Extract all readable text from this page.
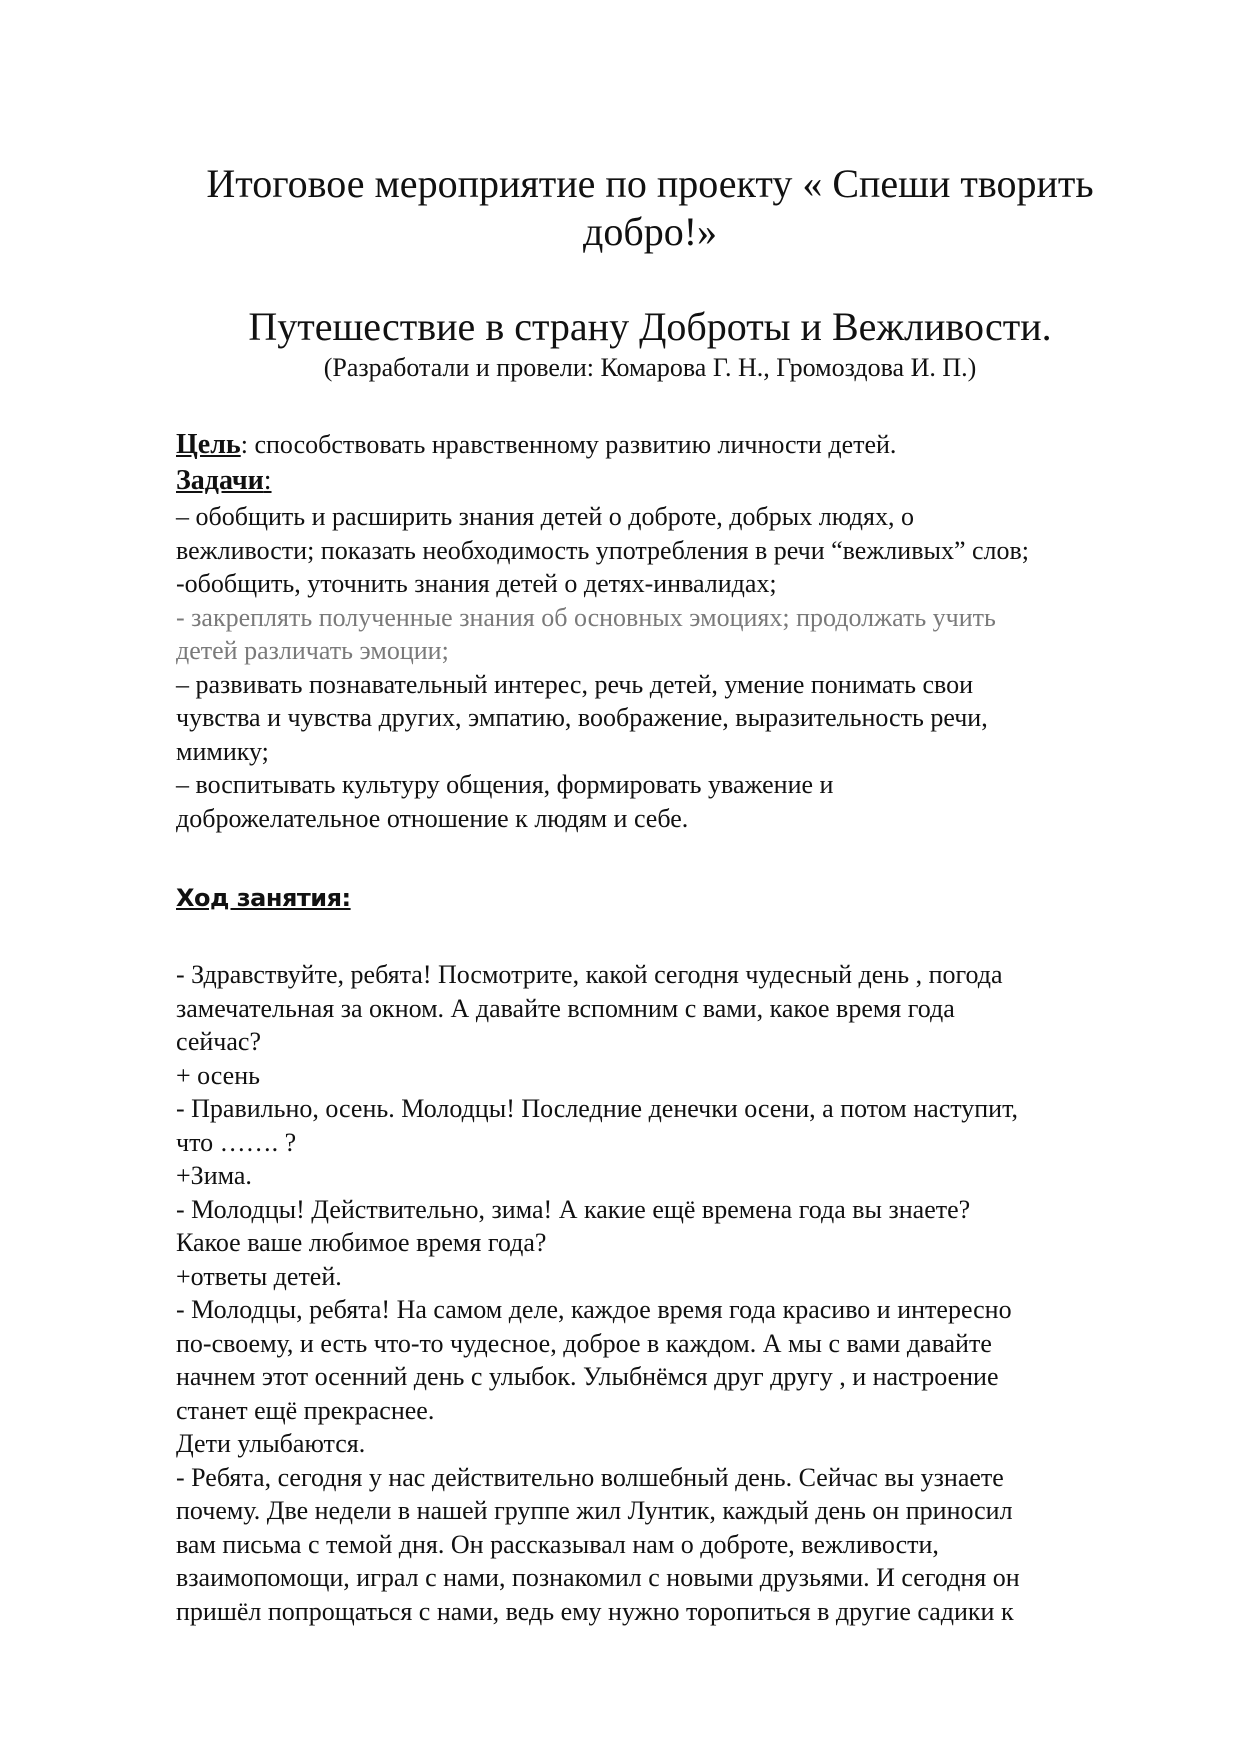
Итоговое мероприятие по проекту « Спеши творить
добро!»
Путешествие в страну Доброты и Вежливости.
(Разработали и провели: Комарова Г. Н., Громоздова И. П.)
Цель: способствовать нравственному развитию личности детей.
Задачи:
– обобщить и расширить знания детей о доброте, добрых людях, о
вежливости; показать необходимость употребления в речи “вежливых” слов;
-обобщить, уточнить знания детей о детях-инвалидах;
- закреплять полученные знания об основных эмоциях; продолжать учить
детей различать эмоции;
– развивать познавательный интерес, речь детей, умение понимать свои
чувства и чувства других, эмпатию, воображение, выразительность речи,
мимику;
– воспитывать культуру общения, формировать уважение и
доброжелательное отношение к людям и себе.
Ход занятия:
- Здравствуйте, ребята! Посмотрите, какой сегодня чудесный день , погода
замечательная за окном. А давайте вспомним с вами, какое время года
сейчас?
+ осень
- Правильно, осень. Молодцы! Последние денечки осени, а потом наступит,
что ……. ?
+Зима.
- Молодцы! Действительно, зима! А какие ещё времена года вы знаете?
Какое ваше любимое время года?
+ответы детей.
- Молодцы, ребята! На самом деле, каждое время года красиво и интересно
по-своему, и есть что-то чудесное, доброе в каждом. А мы с вами давайте
начнем этот осенний день с улыбок. Улыбнёмся друг другу , и настроение
станет ещё прекраснее.
Дети улыбаются.
- Ребята, сегодня у нас действительно волшебный день. Сейчас вы узнаете
почему. Две недели в нашей группе жил Лунтик, каждый день он приносил
вам письма с темой дня. Он рассказывал нам о доброте, вежливости,
взаимопомощи, играл с нами, познакомил с новыми друзьями. И сегодня он
пришёл попрощаться с нами, ведь ему нужно торопиться в другие садики к
